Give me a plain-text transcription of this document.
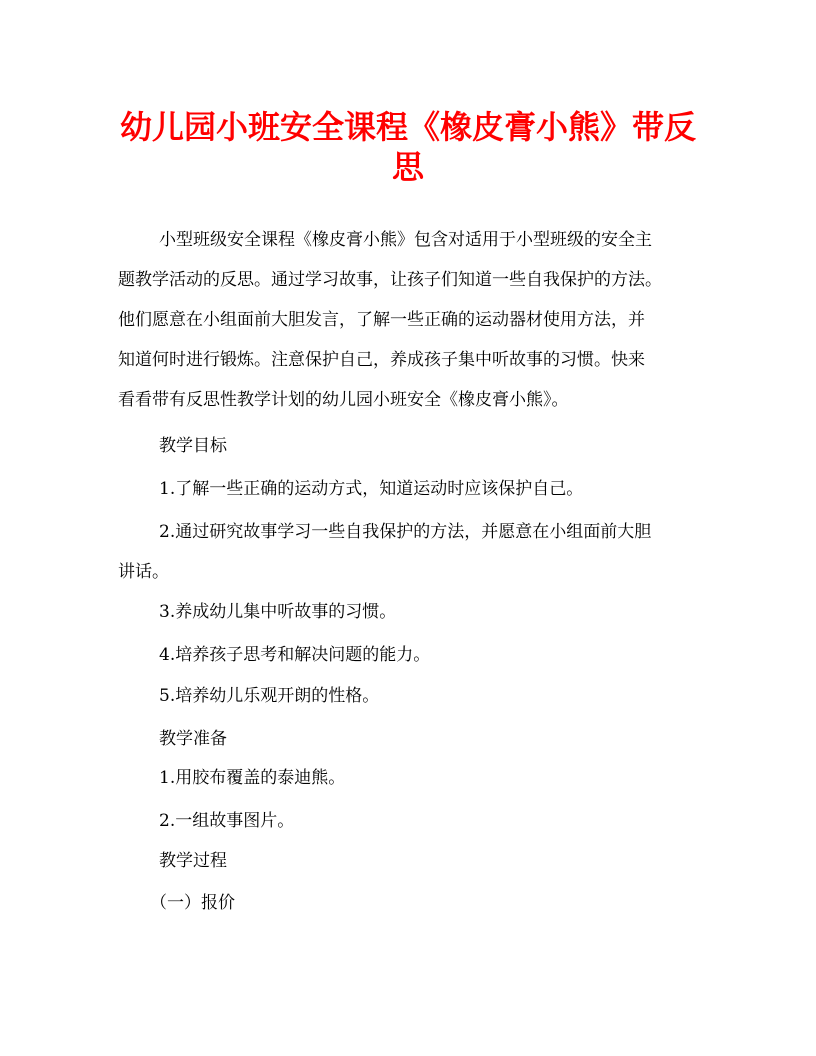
幼儿园小班安全课程《橡皮膏小熊》带反
思

小型班级安全课程《橡皮膏小熊》包含对适用于小型班级的安全主

题教学活动的反思。通过学习故事，让孩子们知道一些自我保护的方法。

他们愿意在小组面前大胆发言，了解一些正确的运动器材使用方法，并

知道何时进行锻炼。注意保护自己，养成孩子集中听故事的习惯。快来

看看带有反思性教学计划的幼儿园小班安全《橡皮膏小熊》。

教学目标

1.了解一些正确的运动方式，知道运动时应该保护自己。

2.通过研究故事学习一些自我保护的方法，并愿意在小组面前大胆

讲话。

3.养成幼儿集中听故事的习惯。

4.培养孩子思考和解决问题的能力。

5.培养幼儿乐观开朗的性格。

教学准备

1.用胶布覆盖的泰迪熊。

2.一组故事图片。

教学过程

（一）报价
